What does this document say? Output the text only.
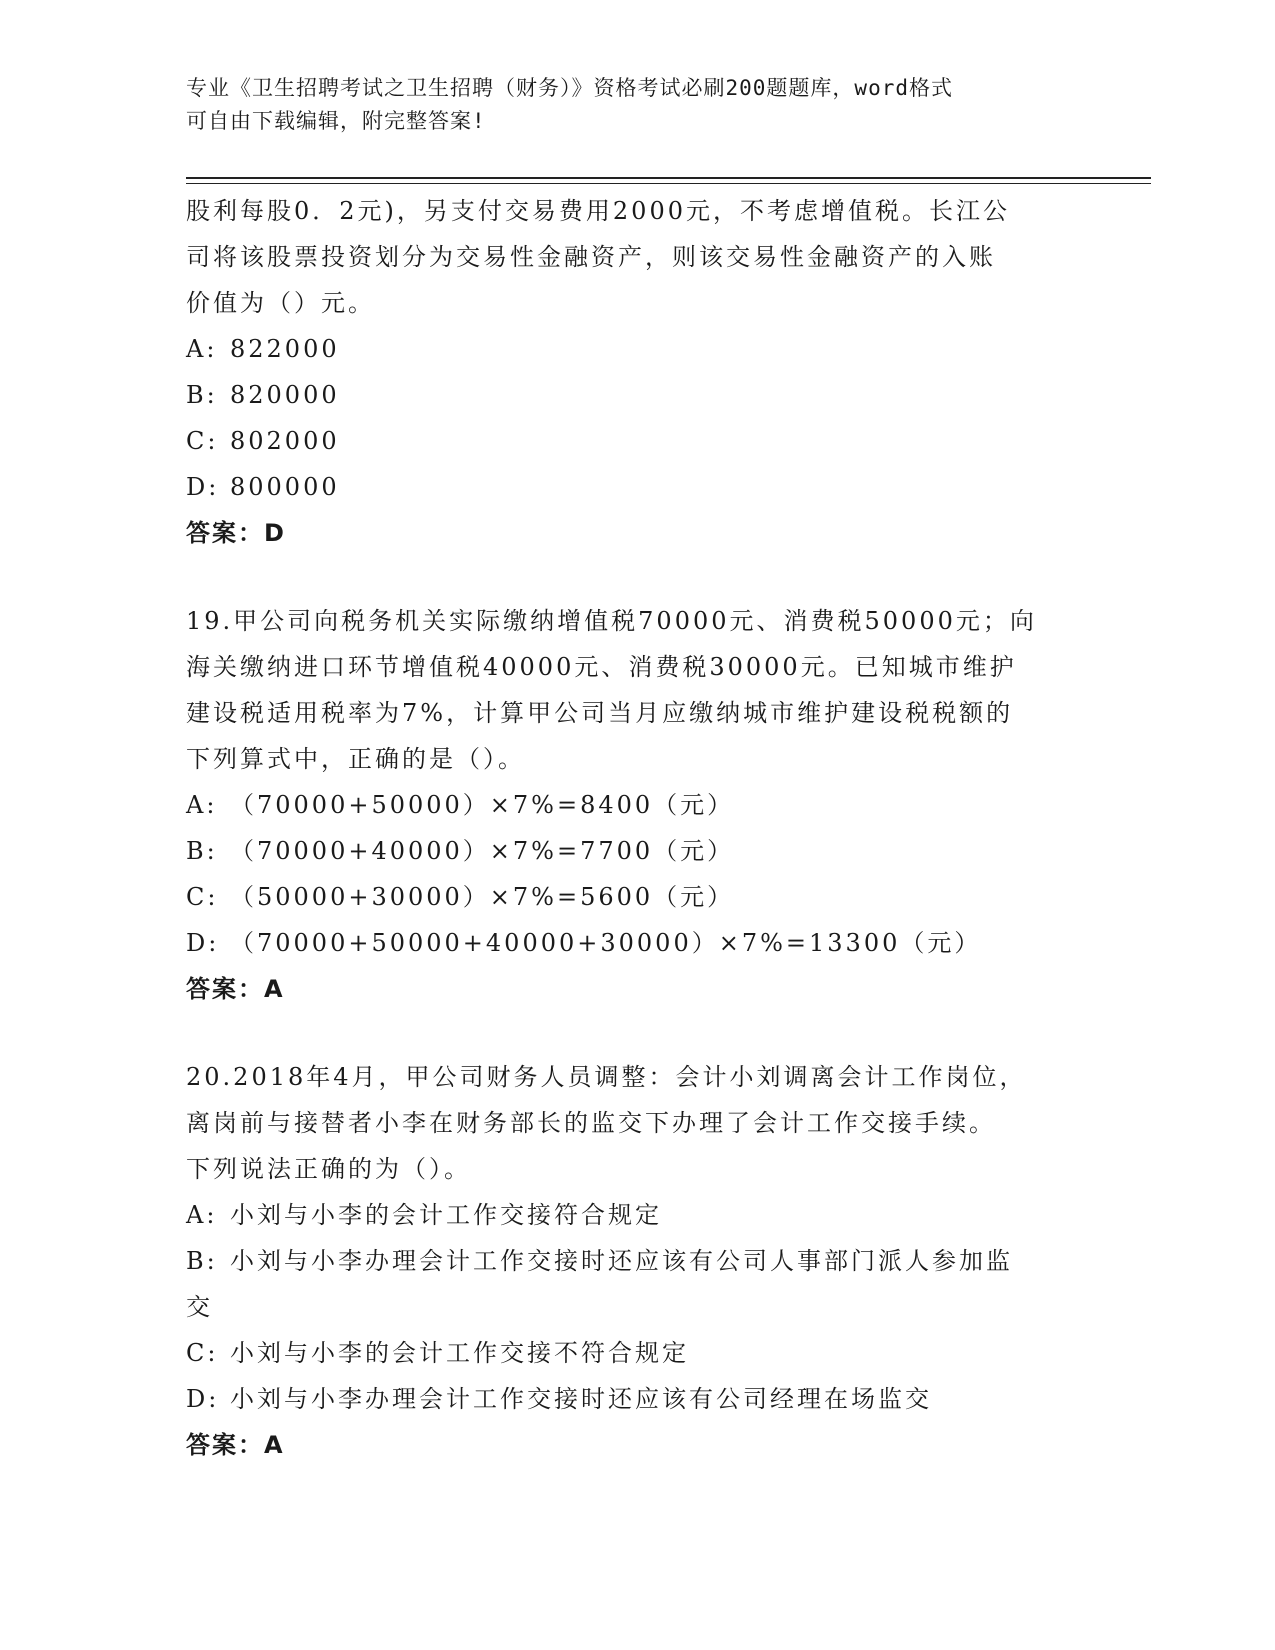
专业《卫生招聘考试之卫生招聘（财务）》资格考试必刷200题题库，word格式
可自由下载编辑，附完整答案!
股利每股0．2元)，另支付交易费用2000元，不考虑增值税。长江公
司将该股票投资划分为交易性金融资产，则该交易性金融资产的入账
价值为（）元。
A: 822000
B: 820000
C: 802000
D: 800000
答案：D
19.甲公司向税务机关实际缴纳增值税70000元、消费税50000元；向
海关缴纳进口环节增值税40000元、消费税30000元。已知城市维护
建设税适用税率为7%，计算甲公司当月应缴纳城市维护建设税税额的
下列算式中，正确的是（）。
A: （70000+50000）×7%=8400（元）
B: （70000+40000）×7%=7700（元）
C: （50000+30000）×7%=5600（元）
D: （70000+50000+40000+30000）×7%=13300（元）
答案：A
20.2018年4月，甲公司财务人员调整：会计小刘调离会计工作岗位，
离岗前与接替者小李在财务部长的监交下办理了会计工作交接手续。
下列说法正确的为（）。
A: 小刘与小李的会计工作交接符合规定
B: 小刘与小李办理会计工作交接时还应该有公司人事部门派人参加监
交
C: 小刘与小李的会计工作交接不符合规定
D: 小刘与小李办理会计工作交接时还应该有公司经理在场监交
答案：A
